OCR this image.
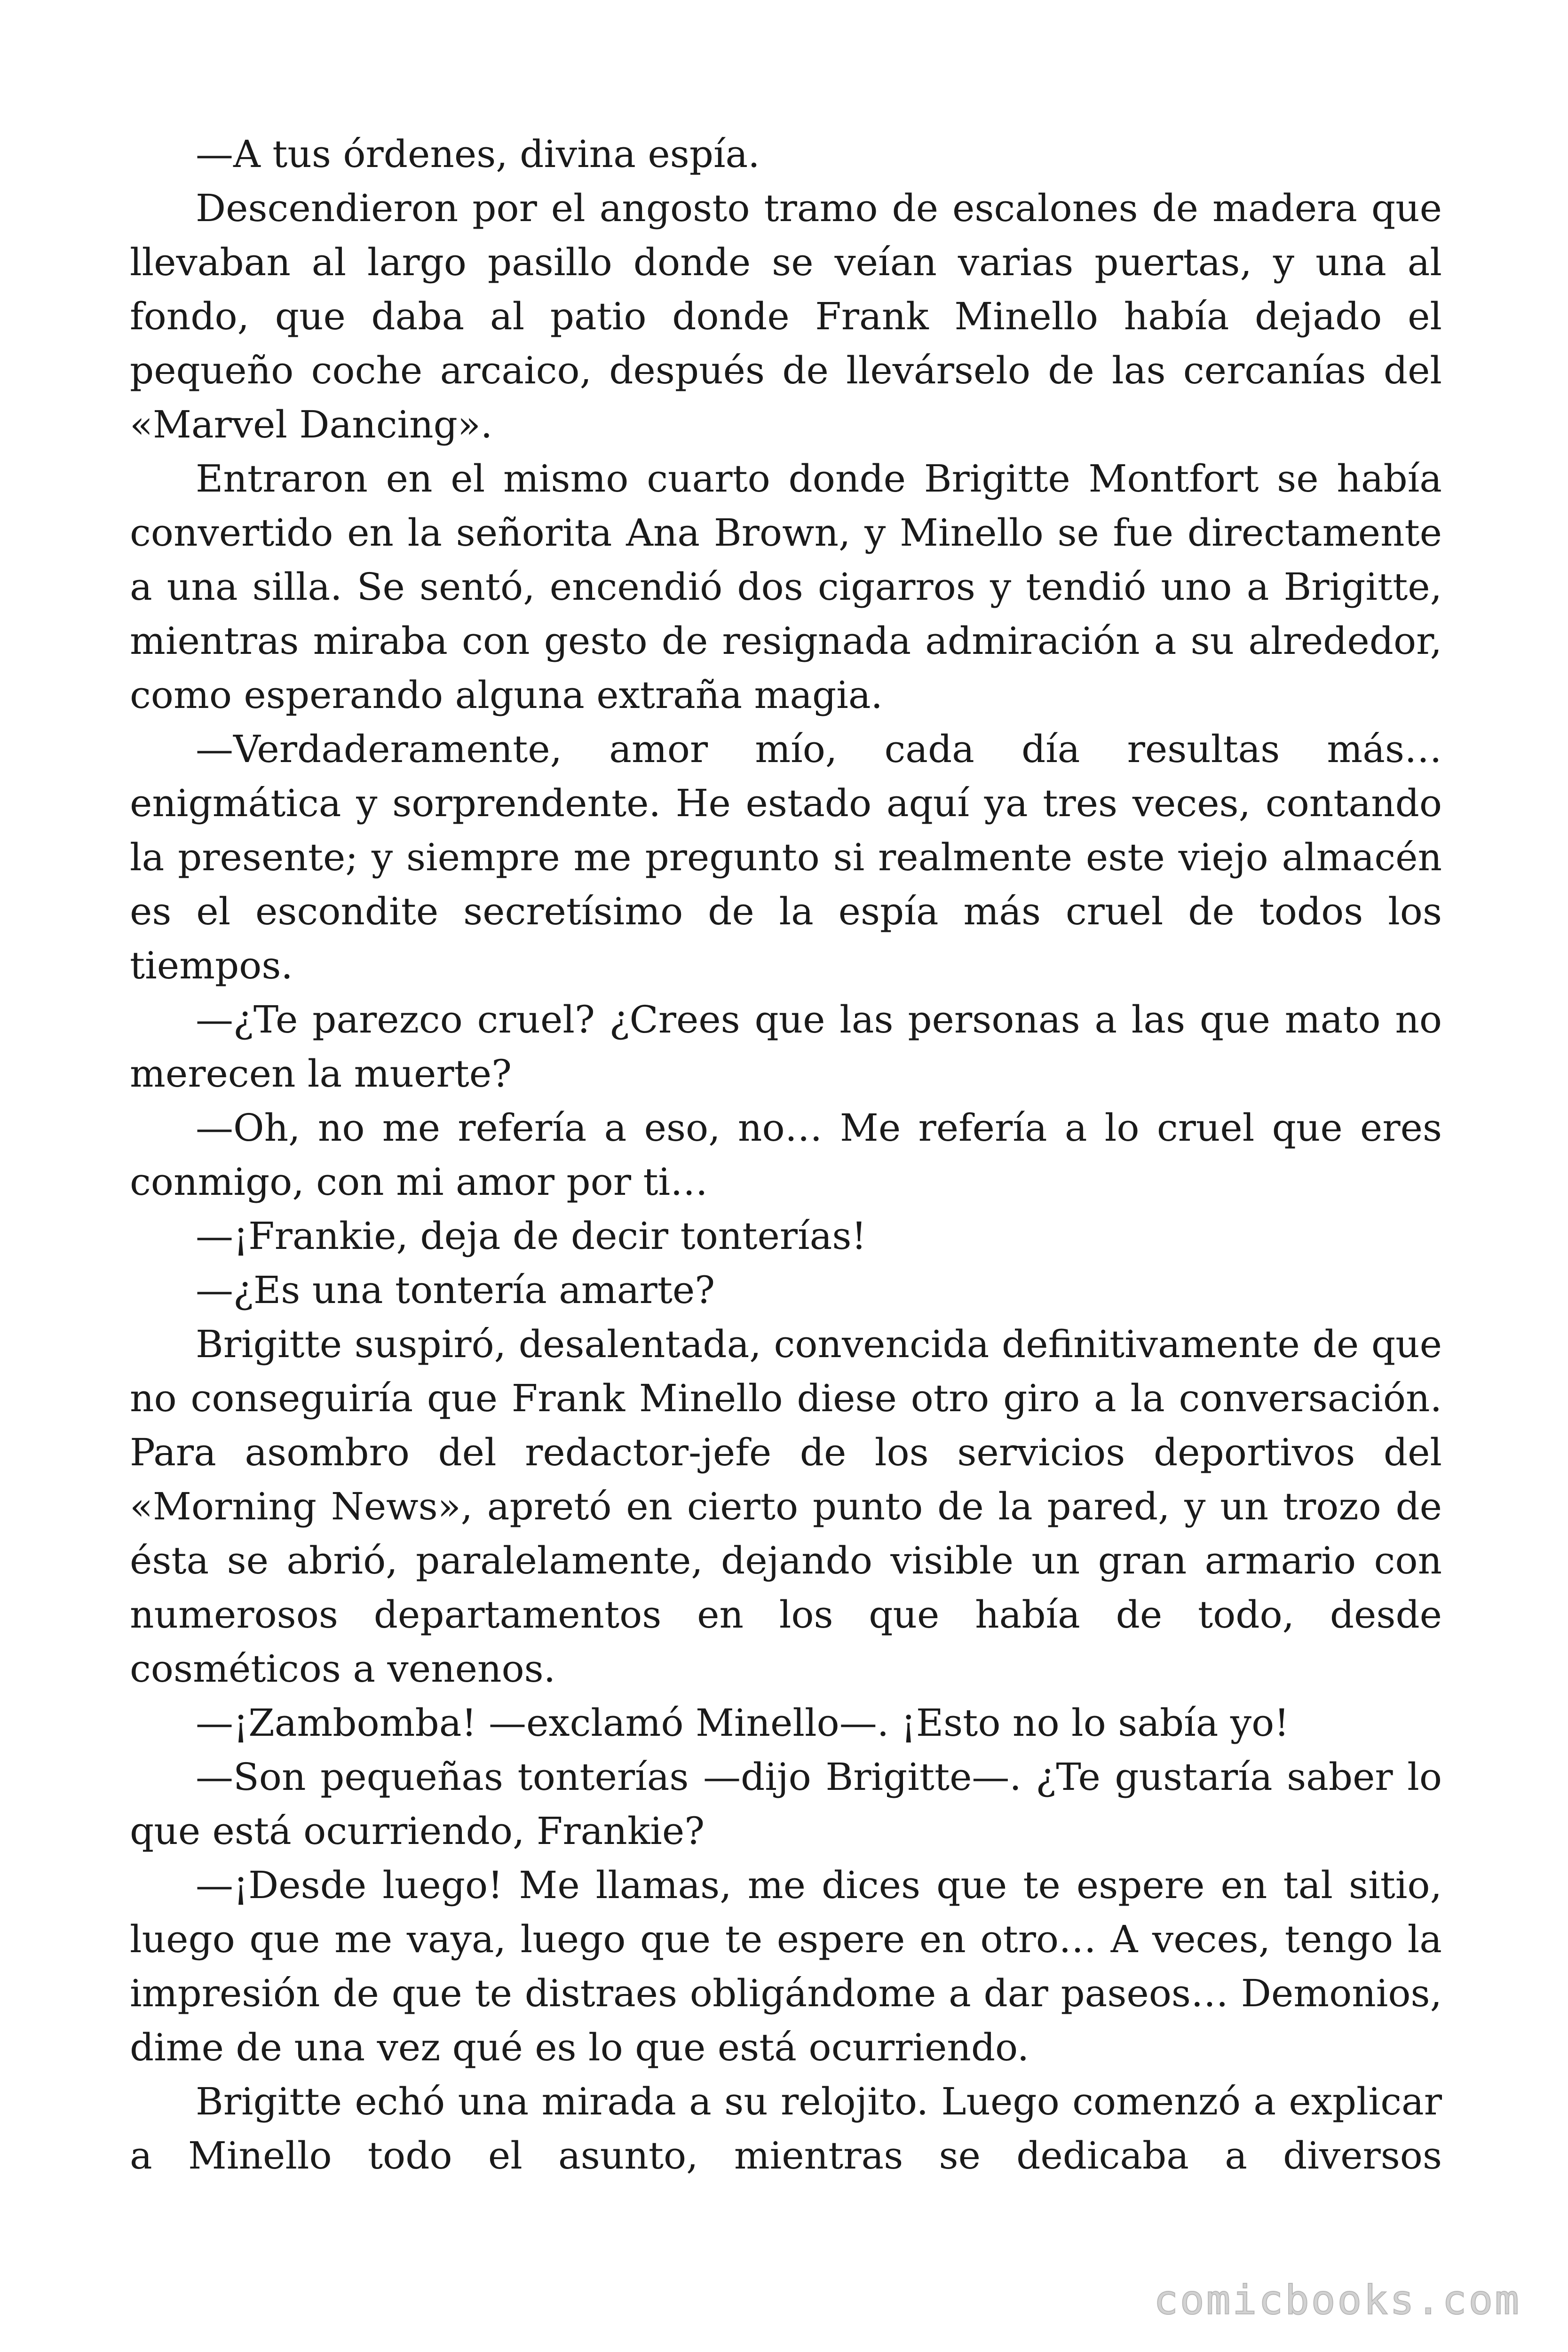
—A tus órdenes, divina espía.

Descendieron por el angosto tramo de escalones de madera que llevaban al largo pasillo donde se veían varias puertas, y una al fondo, que daba al patio donde Frank Minello había dejado el pequeño coche arcaico, después de llevárselo de las cercanías del «Marvel Dancing».

Entraron en el mismo cuarto donde Brigitte Montfort se había convertido en la señorita Ana Brown, y Minello se fue directamente a una silla. Se sentó, encendió dos cigarros y tendió uno a Brigitte, mientras miraba con gesto de resignada admiración a su alrededor, como esperando alguna extraña magia.

—Verdaderamente, amor mío, cada día resultas más… enigmática y sorprendente. He estado aquí ya tres veces, contando la presente; y siempre me pregunto si realmente este viejo almacén es el escondite secretísimo de la espía más cruel de todos los tiempos.

—¿Te parezco cruel? ¿Crees que las personas a las que mato no merecen la muerte?

—Oh, no me refería a eso, no… Me refería a lo cruel que eres conmigo, con mi amor por ti…

—¡Frankie, deja de decir tonterías!

—¿Es una tontería amarte?

Brigitte suspiró, desalentada, convencida definitivamente de que no conseguiría que Frank Minello diese otro giro a la conversación. Para asombro del redactor-jefe de los servicios deportivos del «Morning News», apretó en cierto punto de la pared, y un trozo de ésta se abrió, paralelamente, dejando visible un gran armario con numerosos departamentos en los que había de todo, desde cosméticos a venenos.

—¡Zambomba! —exclamó Minello—. ¡Esto no lo sabía yo!

—Son pequeñas tonterías —dijo Brigitte—. ¿Te gustaría saber lo que está ocurriendo, Frankie?

—¡Desde luego! Me llamas, me dices que te espere en tal sitio, luego que me vaya, luego que te espere en otro… A veces, tengo la impresión de que te distraes obligándome a dar paseos… Demonios, dime de una vez qué es lo que está ocurriendo.

Brigitte echó una mirada a su relojito. Luego comenzó a explicar a Minello todo el asunto, mientras se dedicaba a diversos

comicbooks.com
